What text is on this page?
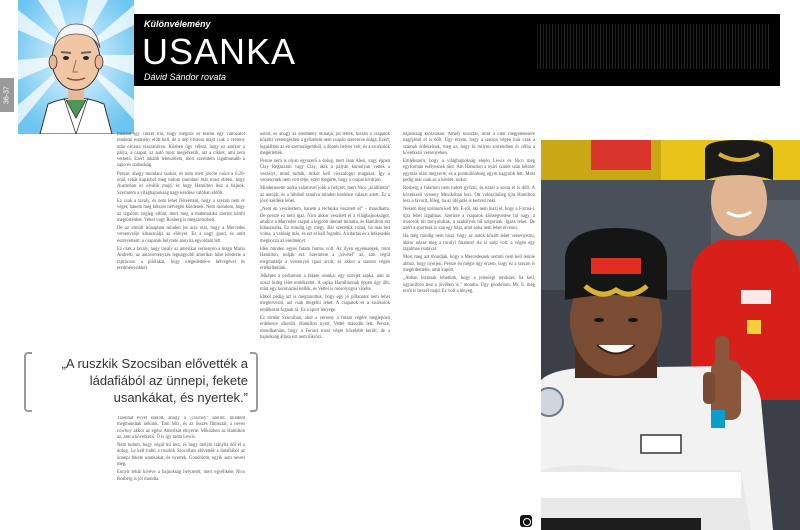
36-37
Különvélemény
USANKA
Dávid Sándor rovata

Imádok így cikket írni, hogy megírni és leadni egy változatot rendelni eszmény előtt kell, de a nép olvassa majd csak a verseny után olvasta visszanézve. Közben úgy vélem, hogy ez amikor a pálya, a csapat, az autó most megérkezik, azt a cikket, ami nem vethető. Ezért inkább lebeszélem, mert szerintem izgalmasabb a sajtó és szabadság.

Persze, ahogy mondani szokás, és nem mert jövőre csúcs a 6:20-onál, tehát kapásból meg tudom mondani már most ebben, hogy Austinban ez elválik majd, és hogy Hamilton lesz a bajnok. Szerintem a világbajnokság nagy kérdése valóban eldőlt.

Ez csak a tavaly, és nem lehet félreérteni, hogy a szezon nem ér véget, hanem még kétszer hétvégén küzdenek. Nem mondom, hogy az izgalom végleg eltűnt, mert még a matematika szerint bármi megtörténhet. Vettel vagy Rosberg is megszerezheti.

De az elmúlt hónapban minden jel arra utal, hogy a Mercedes versenyzője kihasználja az előnyét. Ez a nagy gond, és amit észrevettem: a csapatok helyzete annyira egyoldalú lett.

Ez csak a tavaly, hogy tavaly az amerikai versenyen a mago Mario Andretti, az autóversenyzés legnagyobb amerikai hőse kérdezte a rajtrácson a pilótákat, hogy elégedettek-e hétvégével és eredményeikkel.

„A ruszkik Szocsiban elővették a ládafiából az ünnepi, fekete usankákat, és nyertek.”

Tizenhat évvel ezelőtt, ahogy a „cowboy” szerint, mindent megmondtak nekünk. Tom Mix, és az összes filmsztár, a neves cowboy akkor az egész Amerikát elnyerte. Miközben az Hamilton az, ami a következő. Ő is így tudta Lewis.

Nem tudom, hogy végül mi lesz, és hogy melyik irányba dől el a dolog. Le kell tudni a ruszkik Szocsiban elővették a ládafiából az ünnepi fekete usankákat, és nyertek. Gondolom, egyik sem neveti meg.

Ennyit tehát kivéve a bajnokság helyzetét, mert egyébként Nico Rosberg is jól mondta.

üstölt, és ahogy az eredmény mutatja, jól tették, hiszen a csapatok közötti versengésben a győzelem nem csupán szerencse dolga. Ezért, legalábbis az én szemszögemből, a döntés helyes volt, és a szurkolók megértették.

Persze nem is olyan egyszerű a dolog, mert Jean Alesi, vagy éppen Clay Regazzoni vagy Clay, akik a pályán komolyan vették a veszélyt, mind tudták, mikor kell visszafogni magukat. Így a versenynek nem volt tétje, ezért megérte, hogy a csapat kivárjon.

Mindenesetre azóta valamivel jobb a helyzet, mert Nico „kiállította” az autóját, és a hibából tanulva minden kérdésre választ adott. Ez a jövő kérdése lehet.

„Nem én veszítettem, hanem a technika veszített el” – mondhatta. De persze ez nem igaz. Nico akkor veszített el a világbajnokságot, amikor a Mercedes csapat a legjobb ütemét mutatta, és Hamilton ezt kihasználta. Ez mindig így megy. Bár szerettük volna, ha más lett volna, a valóság más, és ezt el kell fogadni. A kitartás és a lelkesedés meghozza az eredményt.

Idén minden egyes futam fontos volt. Az ilyen egyéniségek, mint Hamilton, tudják ezt. Szerintem a „kivétel” az, ami végül megmutatja a versenyző igazi arcát, és akkor a szezon végén értékelhetünk.

Jelképes a pódiumon a fekete usanka: egy szovjet sapka, ami az orosz hideg télre emlékeztet. A sapka Hamiltonnak éppen úgy állt, mint egy koronázási kellék, és Vettel is mosolyogva viselte.

Ebből pedig azt is megtanultuk, hogy egy jó pillanatot nem lehet megtervezni, azt csak megélni lehet. A csapatok és a szurkolók emlékezni fognak rá. Ez a sport lényege.

Ez történt Szocsiban, ahol a verseny a futam végére meglepően érdekesre sikerült. Hamilton nyert, Vettel második lett. Persze, mondhatnám, hogy a Ferrari most végre közelebb került, de a bajnokság állása ezt nem tükrözi.

bajnokság kiosztásán. Amely kiosztás, mint a cikk megjelenésére nagyjából el is dőlt. Úgy érzem, hogy a szezon végén már csak a számok érdekelnek, meg az, hogy ki milyen sorrendben ér célba a következő versenyeken.

Emlékszem, hogy a világbajnokság elején Lewis és Nico még egyformán esélyesnek tűnt. Ám Hamilton a nyári szünet után kétszer egymás után megverte, és a pontkülönbség egyre nagyobb lett. Most pedig már csak az a kérdés, mikor.

Rosberg a futamon nem tudott győzni, és ezzel a sorsa el is dőlt. A következő verseny Mexikóban lesz. Ott valószínűleg újra Hamilton lesz a favorit, főleg, ha az időjárás is kedvez neki.

Nekem még szólnom kell Mr. E-ről, aki nem hiszi el, hogy a Forma-1 újra lehet izgalmas. Szerinte a csapatok költségvetése túl nagy, a motorok túl bonyolultak, a szabályok túl szigorúak. Igaza lehet. De azért a sportnak is van egy bája, amit soha nem lehet elvenni.

Ha még mindig nem hiszi, hogy az autók között lehet versenyezni, akkor nézze meg a tavalyi futamot! Az is szép volt, a végén egy izgalmas csatával.

Most meg azt mondják, hogy a Mercedesnek semmi nem kell tennie ahhoz, hogy nyerjen. Persze én mégis úgy érzem, hogy ez a szezon is megérdemelte, amit kapott.

„Abban biztosak lehetünk, hogy a jelenlegi rendszer, ha kell, ugyanilyen lesz a jövőben is,” mondta. Úgy gondolom, Mr. E. még erről is beszél majd. Ez volt a lényeg.
